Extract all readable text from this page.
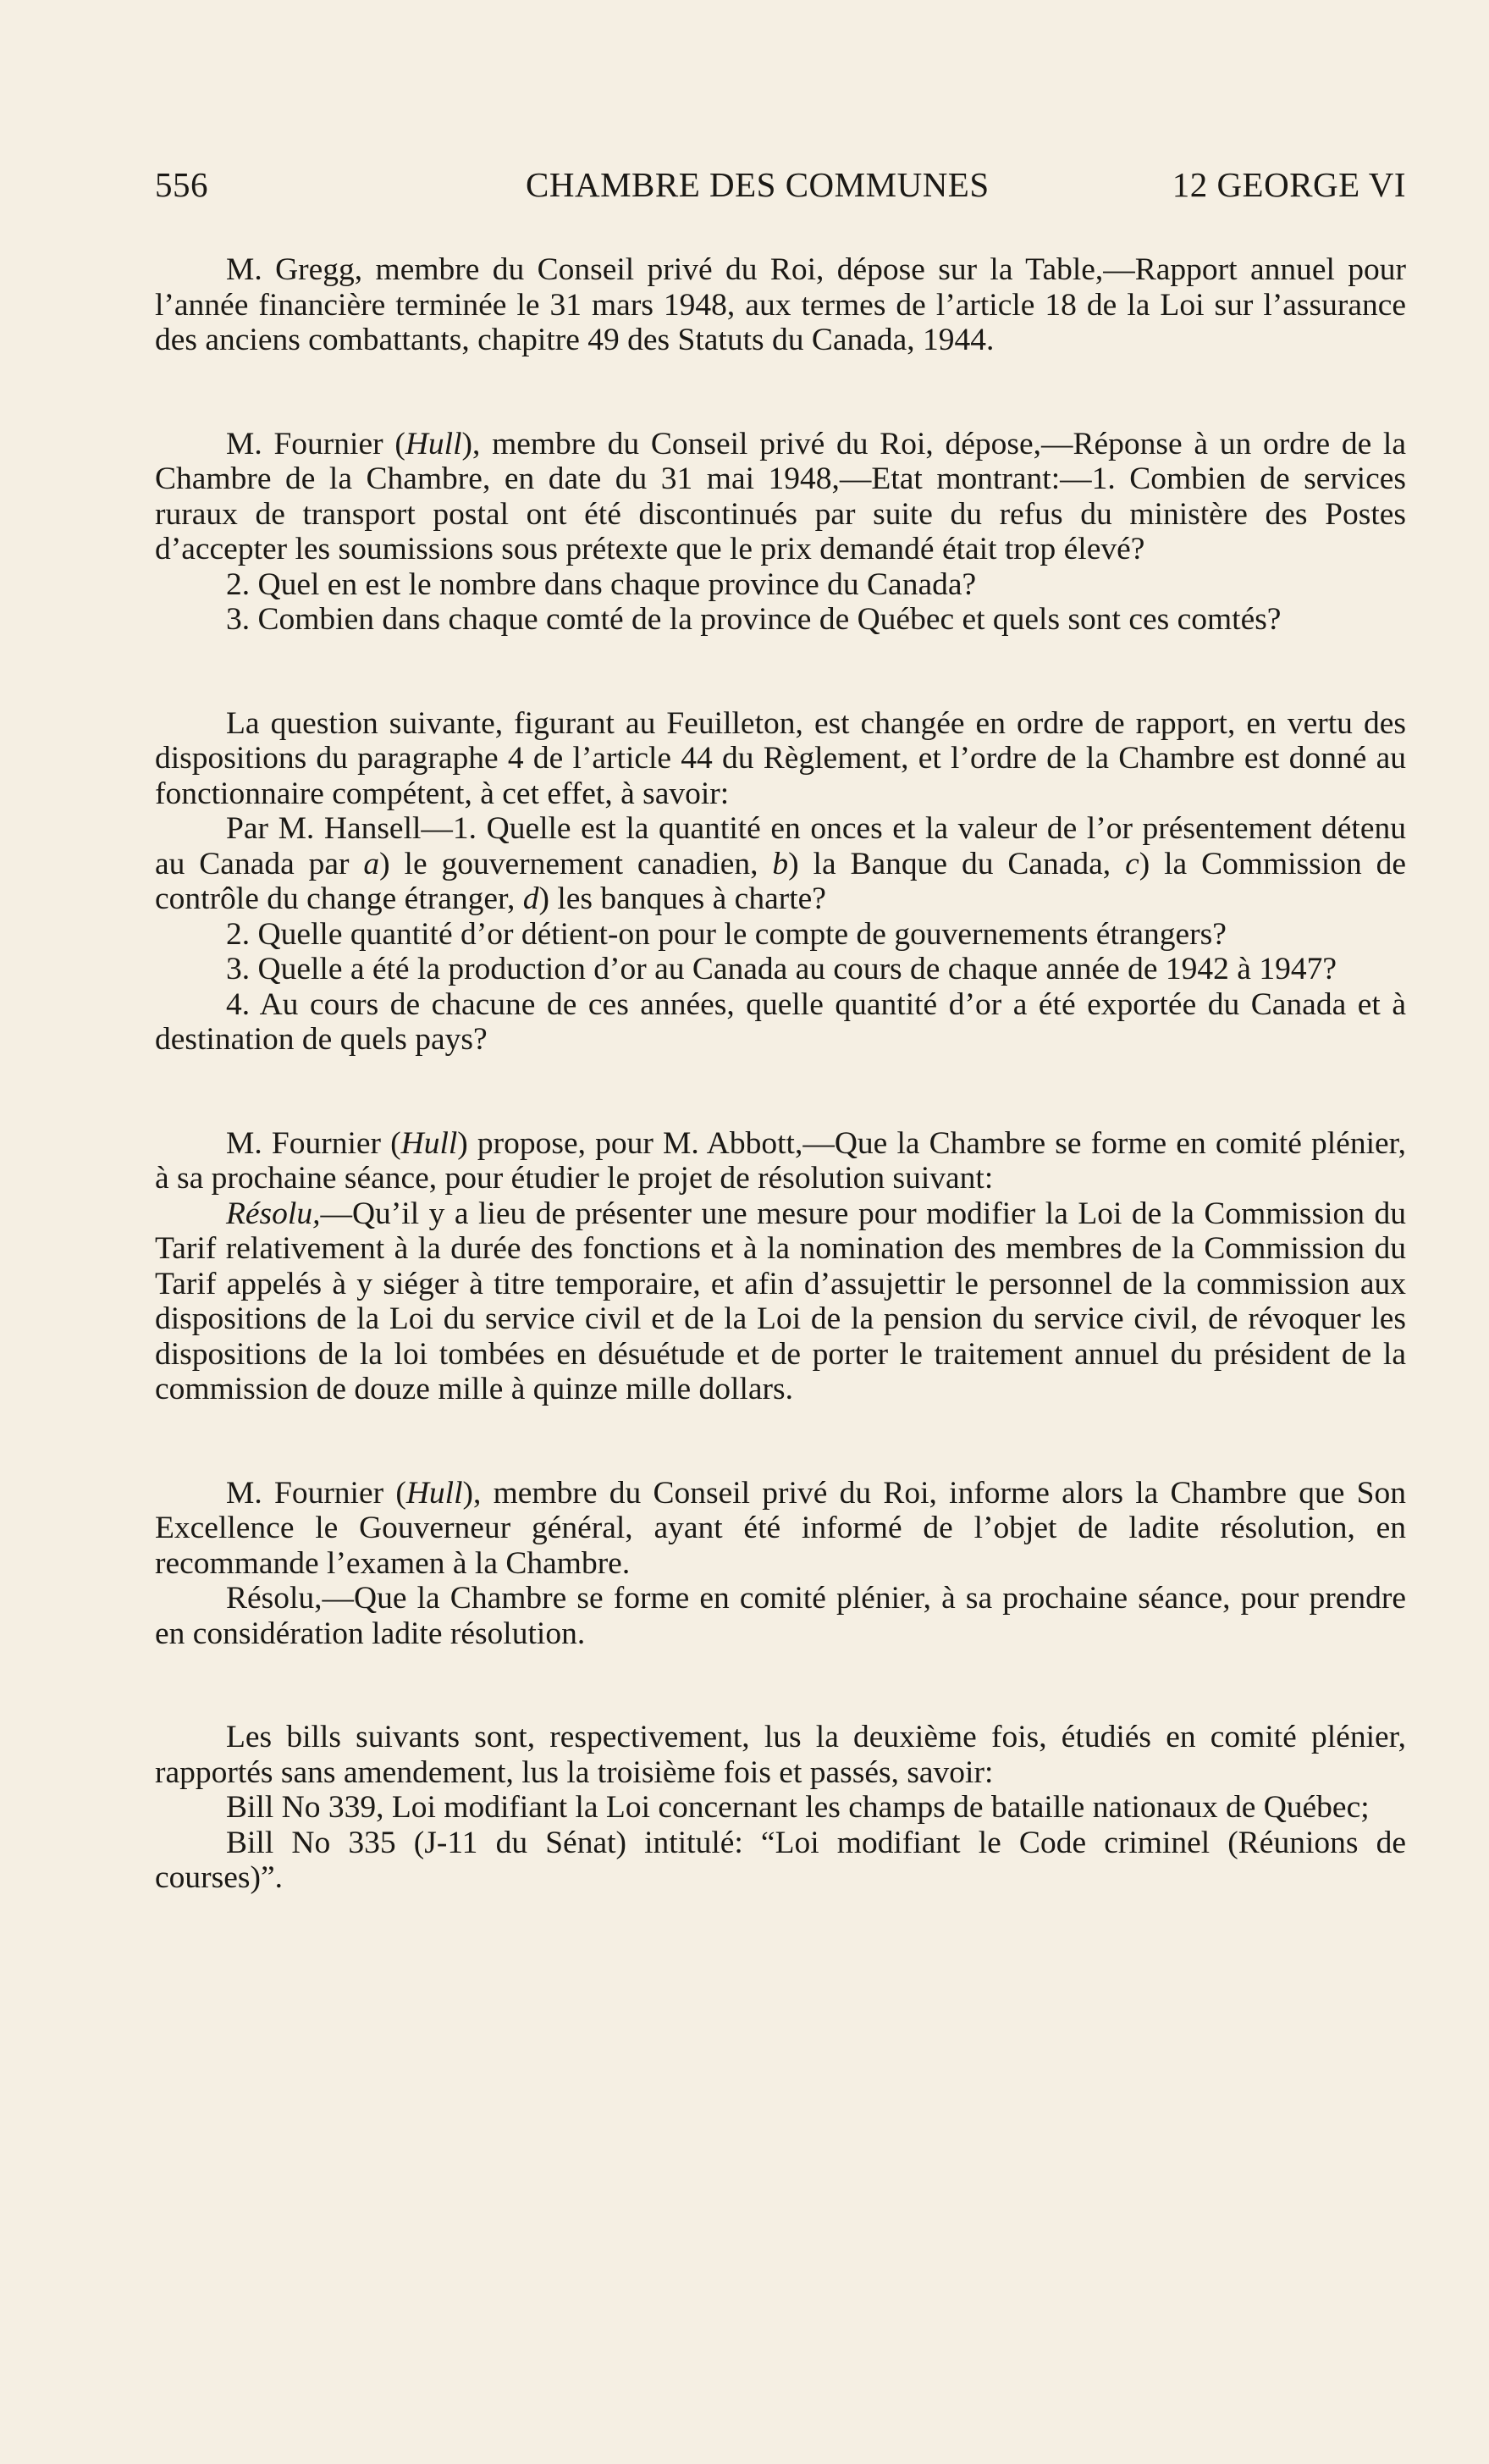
556	CHAMBRE DES COMMUNES	12 GEORGE VI

M. Gregg, membre du Conseil privé du Roi, dépose sur la Table,—Rapport annuel pour l’année financière terminée le 31 mars 1948, aux termes de l’article 18 de la Loi sur l’assurance des anciens combattants, chapitre 49 des Statuts du Canada, 1944.

M. Fournier (Hull), membre du Conseil privé du Roi, dépose,—Réponse à un ordre de la Chambre de la Chambre, en date du 31 mai 1948,—Etat montrant:—1. Combien de services ruraux de transport postal ont été discontinués par suite du refus du ministère des Postes d’accepter les soumissions sous prétexte que le prix demandé était trop élevé?

2. Quel en est le nombre dans chaque province du Canada?

3. Combien dans chaque comté de la province de Québec et quels sont ces comtés?

La question suivante, figurant au Feuilleton, est changée en ordre de rapport, en vertu des dispositions du paragraphe 4 de l’article 44 du Règlement, et l’ordre de la Chambre est donné au fonctionnaire compétent, à cet effet, à savoir:

Par M. Hansell—1. Quelle est la quantité en onces et la valeur de l’or présentement détenu au Canada par a) le gouvernement canadien, b) la Banque du Canada, c) la Commission de contrôle du change étranger, d) les banques à charte?

2. Quelle quantité d’or détient-on pour le compte de gouvernements étrangers?

3. Quelle a été la production d’or au Canada au cours de chaque année de 1942 à 1947?

4. Au cours de chacune de ces années, quelle quantité d’or a été exportée du Canada et à destination de quels pays?

M. Fournier (Hull) propose, pour M. Abbott,—Que la Chambre se forme en comité plénier, à sa prochaine séance, pour étudier le projet de résolution suivant:

Résolu,—Qu’il y a lieu de présenter une mesure pour modifier la Loi de la Commission du Tarif relativement à la durée des fonctions et à la nomination des membres de la Commission du Tarif appelés à y siéger à titre temporaire, et afin d’assujettir le personnel de la commission aux dispositions de la Loi du service civil et de la Loi de la pension du service civil, de révoquer les dispositions de la loi tombées en désuétude et de porter le traitement annuel du président de la commission de douze mille à quinze mille dollars.

M. Fournier (Hull), membre du Conseil privé du Roi, informe alors la Chambre que Son Excellence le Gouverneur général, ayant été informé de l’objet de ladite résolution, en recommande l’examen à la Chambre.

Résolu,—Que la Chambre se forme en comité plénier, à sa prochaine séance, pour prendre en considération ladite résolution.

Les bills suivants sont, respectivement, lus la deuxième fois, étudiés en comité plénier, rapportés sans amendement, lus la troisième fois et passés, savoir:

Bill No 339, Loi modifiant la Loi concernant les champs de bataille nationaux de Québec;

Bill No 335 (J-11 du Sénat) intitulé: “Loi modifiant le Code criminel (Réunions de courses)”.
